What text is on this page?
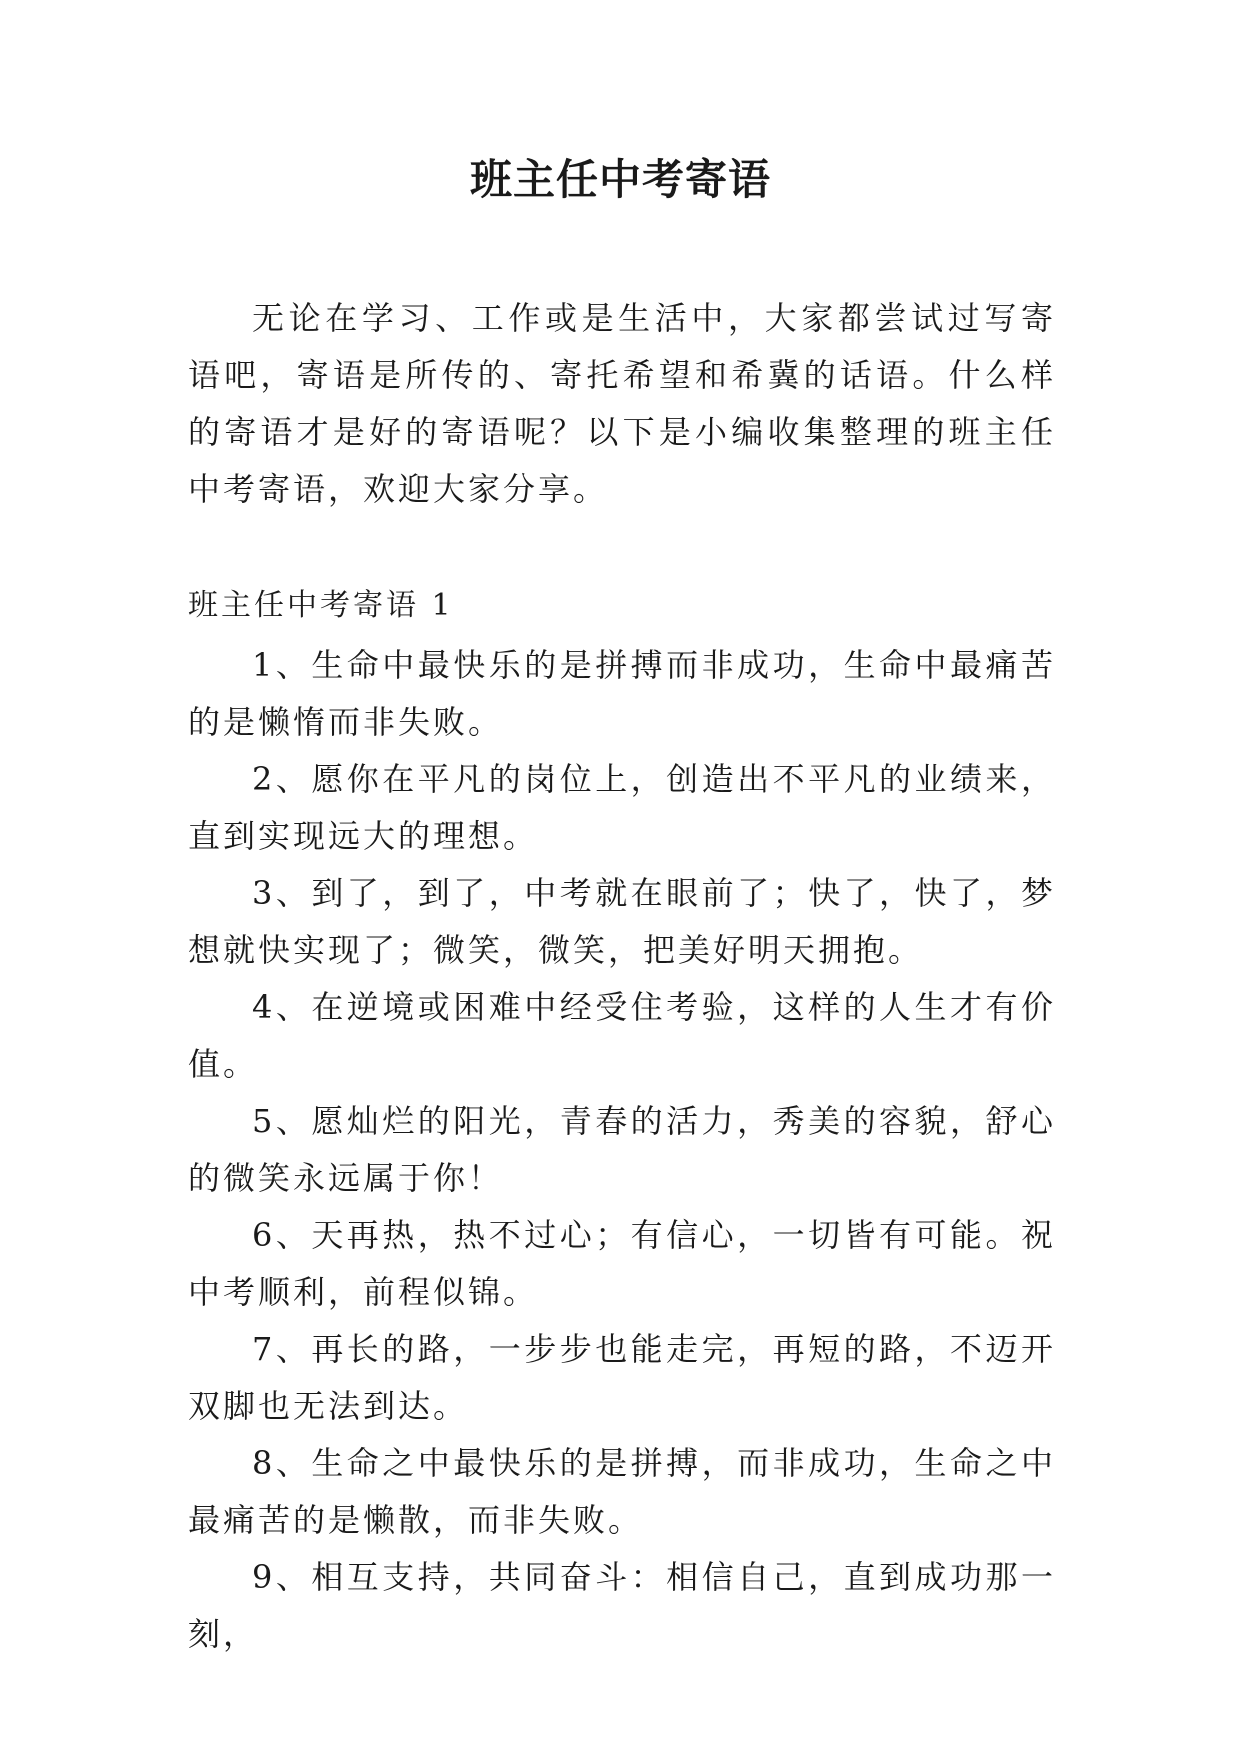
班主任中考寄语

无论在学习、工作或是生活中，大家都尝试过写寄语吧，寄语是所传的、寄托希望和希冀的话语。什么样的寄语才是好的寄语呢？以下是小编收集整理的班主任中考寄语，欢迎大家分享。

班主任中考寄语 1

1、生命中最快乐的是拼搏而非成功，生命中最痛苦的是懒惰而非失败。

2、愿你在平凡的岗位上，创造出不平凡的业绩来，直到实现远大的理想。

3、到了，到了，中考就在眼前了；快了，快了，梦想就快实现了；微笑，微笑，把美好明天拥抱。

4、在逆境或困难中经受住考验，这样的人生才有价值。

5、愿灿烂的阳光，青春的活力，秀美的容貌，舒心的微笑永远属于你！

6、天再热，热不过心；有信心，一切皆有可能。祝中考顺利，前程似锦。

7、再长的路，一步步也能走完，再短的路，不迈开双脚也无法到达。

8、生命之中最快乐的是拼搏，而非成功，生命之中最痛苦的是懒散，而非失败。

9、相互支持，共同奋斗：相信自己，直到成功那一刻，
